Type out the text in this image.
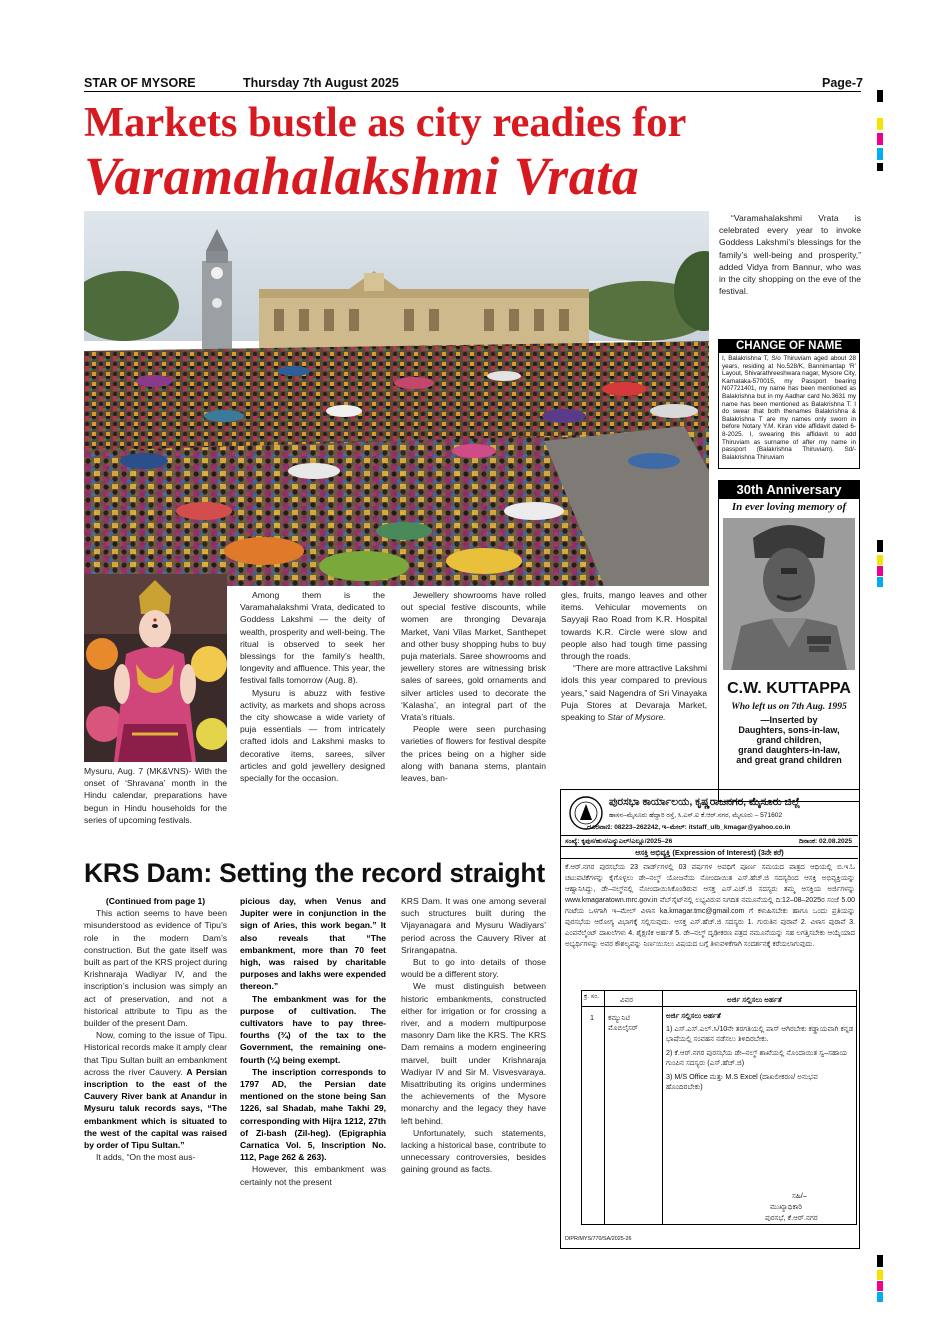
STAR OF MYSORE	Thursday 7th August 2025	Page-7
Markets bustle as city readies for
Varamahalakshmi Vrata

“Varamahalakshmi Vrata is celebrated every year to invoke Goddess Lakshmi’s blessings for the family’s well-being and prosperity,” added Vidya from Bannur, who was in the city shopping on the eve of the festival.

CHANGE OF NAME
I, Balakrishna T, S/o Thiruviam aged about 28 years, residing at No.528/K, Bannimantap ‘R’ Layout, Shivarathreeshwara nagar, Mysore City, Karnataka-570015, my Passport bearing N07721401, my name has been mentioned as Balakrishna but in my Aadhar card No.3631 my name has been mentioned as Balakrishna T. I do swear that both thenames Balakrishna & Balakrishna T are my names only sworn in before Notary Y.M. Kiran vide affidavit dated 6-8-2025. I, swearing this affidavit to add Thiruviam as surname of after my name in passport (Balakrishna Thiruviam). Sd/-Balakrishna Thiruviam
30th Anniversary
In ever loving memory of
C.W. KUTTAPPA
Who left us on 7th Aug. 1995
—Inserted by
Daughters, sons-in-law,
grand children,
grand daughters-in-law,
and great grand children

Mysuru, Aug. 7 (MK&VNS)- With the onset of ‘Shravana’ month in the Hindu calendar, preparations have begun in Hindu households for the series of upcoming festivals.

Among them is the Varamahalakshmi Vrata, dedicated to Goddess Lakshmi — the deity of wealth, prosperity and well-being. The ritual is observed to seek her blessings for the family’s health, longevity and affluence. This year, the festival falls tomorrow (Aug. 8).

Mysuru is abuzz with festive activity, as markets and shops across the city showcase a wide variety of puja essentials — from intricately crafted idols and Lakshmi masks to decorative items, sarees, silver articles and gold jewellery designed specially for the occasion.

Jewellery showrooms have rolled out special festive discounts, while women are thronging Devaraja Market, Vani Vilas Market, Santhepet and other busy shopping hubs to buy puja materials. Saree showrooms and jewellery stores are witnessing brisk sales of sarees, gold ornaments and silver articles used to decorate the ‘Kalasha’, an integral part of the Vrata’s rituals.

People were seen purchasing varieties of flowers for festival despite the prices being on a higher side along with banana stems, plantain leaves, ban-

gles, fruits, mango leaves and other items. Vehicular movements on Sayyaji Rao Road from K.R. Hospital towards K.R. Circle were slow and people also had tough time passing through the roads.

“There are more attractive Lakshmi idols this year compared to previous years,” said Nagendra of Sri Vinayaka Puja Stores at Devaraja Market, speaking to Star of Mysore.

KRS Dam: Setting the record straight

(Continued from page 1)

This action seems to have been misunderstood as evidence of Tipu’s role in the modern Dam’s construction. But the gate itself was built as part of the KRS project during Krishnaraja Wadiyar IV, and the inscription’s inclusion was simply an act of preservation, and not a historical attribute to Tipu as the builder of the present Dam.

Now, coming to the issue of Tipu. Historical records make it amply clear that Tipu Sultan built an embankment across the river Cauvery. A Persian inscription to the east of the Cauvery River bank at Anandur in Mysuru taluk records says, “The embankment which is situated to the west of the capital was raised by order of Tipu Sultan.”

It adds, “On the most aus-

picious day, when Venus and Jupiter were in conjunction in the sign of Aries, this work began.” It also reveals that “The embankment, more than 70 feet high, was raised by charitable purposes and lakhs were expended thereon.”

The embankment was for the purpose of cultivation. The cultivators have to pay three-fourths (¾) of the tax to the Government, the remaining one-fourth (¼) being exempt.

The inscription corresponds to 1797 AD, the Persian date mentioned on the stone being San 1226, sal Shadab, mahe Takhi 29, corresponding with Hijra 1212, 27th of Zi-bash (Zil-heg). (Epigraphia Carnatica Vol. 5, Inscription No. 112, Page 262 & 263).

However, this embankment was certainly not the present

KRS Dam. It was one among several such structures built during the Vijayanagara and Mysuru Wadiyars’ period across the Cauvery River at Srirangapatna.

But to go into details of those would be a different story.

We must distinguish between historic embankments, constructed either for irrigation or for crossing a river, and a modern multipurpose masonry Dam like the KRS. The KRS Dam remains a modern engineering marvel, built under Krishnaraja Wadiyar IV and Sir M. Visvesvaraya. Misattributing its origins undermines the achievements of the Mysore monarchy and the legacy they have left behind.

Unfortunately, such statements, lacking a historical base, contribute to unnecessary controversies, besides gaining ground as facts.

ಪುರಸಭಾ ಕಾರ್ಯಾಲಯ, ಕೃಷ್ಣರಾಜನಗರ, ಮೈಸೂರು ಜಿಲ್ಲೆ
ಹಾಸನ–ಮೈಸೂರು ಹೆದ್ದಾರಿ ರಸ್ತೆ, ಸಿ.ಎಸ್.ಐ ಕೆ.ಆರ್.ನಗರ, ಮೈಸೂರು – 571602
ದೂರವಾಣಿ: 08223–262242, ಇ–ಮೇಲ್: itstaff_ulb_kmagar@yahoo.co.in
ಸಂಖ್ಯೆ: ಕೃಪುಸ/ಹುಸ/ಎನ್ಯುಎಲ್/ಎಲ್ಲೂ/2025–26	ದಿನಾಂಕ: 02.08.2025
ಆಸಕ್ತಿ ಅಭಿವ್ಯಕ್ತಿ (Expression of Interest) (3ನೇ ಕರೆ)
ಕೆ.ಆರ್.ನಗರ ಪುರಸಭೆಯ 23 ವಾರ್ಡ್‌ಗಳಲ್ಲಿ 03 ವರ್ಷಗಳ ಅವಧಿಗೆ ಪೂರ್ಣ ಸಮಯದ ಪಾತ್ರದ ಆಧಿಯಲ್ಲಿ ಬಿ.ಇ.ಓ ಚಟುವಟಿಕೆಗಳನ್ನು ಕೈಗೊಳ್ಳಲು ಡೇ–ನಲ್ಮ್ ಯೋಜನೆಯ ನೋಂದಾಯಿತ ಎಸ್.ಹೆಚ್.ಜಿ ಸದಸ್ಯರಿಂದ ಆಸಕ್ತಿ ಅಭಿವ್ಯಕ್ತಿಯನ್ನು ಆಹ್ವಾನಿಸಿದ್ದು, ಡೇ–ನಲ್ಮ್‌ನಲ್ಲಿ ನೋಂದಾಯಿಸಿಕೊಂಡಿರುವ ಆಸಕ್ತ ಎಸ್.ಎಚ್.ಜಿ ಸದಸ್ಯರು ತಮ್ಮ ಆಸಕ್ತಿಯ ಅರ್ಜಿಗಳನ್ನು www.kmagaratown.mrc.gov.in ವೆಬ್‌ಸೈಟ್‌ನಲ್ಲಿ ಲಭ್ಯವಿರುವ ನಿಗದಿತ ನಮೂನೆಯಲ್ಲಿ ದಿ:12–08–2025ರ ಸಂಜೆ 5.00 ಗಂಟೆಯ ಒಳಗಾಗಿ ಇ–ಮೇಲ್ ವಿಳಾಸ ka.kmagar.tmc@gmail.com ಗೆ ಕಳುಹಿಸಬೇಕು ಹಾಗೂ ಒಂದು ಪ್ರತಿಯನ್ನು ಪುರಸಭೆಯ ಆರೋಗ್ಯ ವಿಭಾಗಕ್ಕೆ ಸಲ್ಲಿಸುವುದು. ಆಸಕ್ತ ಎಸ್.ಹೆಚ್.ಜಿ ಸದಸ್ಯರು 1. ಗುರುತಿನ ಪುರಾವೆ 2. ವಿಳಾಸ ಪುರಾವೆ 3. ಎಂಪನೆಲ್ಮೆಂಟ್ ದಾಖಲೆಗಳು 4. ಶೈಕ್ಷಣಿಕ ಅರ್ಹತೆ 5. ಡೇ–ನಲ್ಮ್ ದೃಢೀಕರಣ ಪತ್ರದ ನಮೂನೆಯನ್ನು ಸಹ ಲಗತ್ತಿಸಬೇಕು ಆಯ್ಕೆಯಾದ ಅಭ್ಯರ್ಥಿಗಳನ್ನು ಅವರ ಕೌಶಲ್ಯವನ್ನು ನಿರ್ಣಯಿಸಲು ವಿಷಯದ ಬಗ್ಗೆ ತಿಳುವಳಿಕೆಗಾಗಿ ಸಂದರ್ಶನಕ್ಕೆ ಕರೆಯಲಾಗುವುದು.
ಕ್ರ. ಸಂ.	ವಿವರ	ಅರ್ಜಿ ಸಲ್ಲಿಸಲು ಅರ್ಹತೆ
1 ಕಮ್ಯುನಿಟಿ ಮೊಬಿಲೈಸರ್
ಅರ್ಜಿ ಸಲ್ಲಿಸಲು ಅರ್ಹತೆ
1) ಎಸ್.ಎಸ್.ಎಲ್.ಸಿ/10ನೇ ತರಗತಿಯಲ್ಲಿ ಪಾಸ್ ಆಗಿರಬೇಕು ಕಡ್ಡಾಯವಾಗಿ ಕನ್ನಡ ಭಾಷೆಯಲ್ಲಿ ಸಂವಹನ ನಡೆಸಲು ತಿಳಿದಿರಬೇಕು.
2) ಕೆ.ಆರ್.ನಗರ ಪುರಸಭೆಯ ಡೇ–ನಲ್ಮ್ ಶಾಖೆಯಲ್ಲಿ ನೊಂದಾಯಿತ ಸ್ವ–ಸಹಾಯ ಗುಂಪಿನ ಸದಸ್ಯರು (ಎಸ್.ಹೆಚ್.ಜಿ)
3) M/S Office ಮತ್ತು M.S Excel (ದಾಖಲೀಕರಣ/ ಅನುಭವ ಹೊಂದಿರಬೇಕು)
ಸಹಿ/–
ಮುಖ್ಯಾಧಿಕಾರಿ
ಪುರಸಭೆ, ಕೆ.ಆರ್.ನಗರ
DIPR/MYS/770/SA/2025-26
